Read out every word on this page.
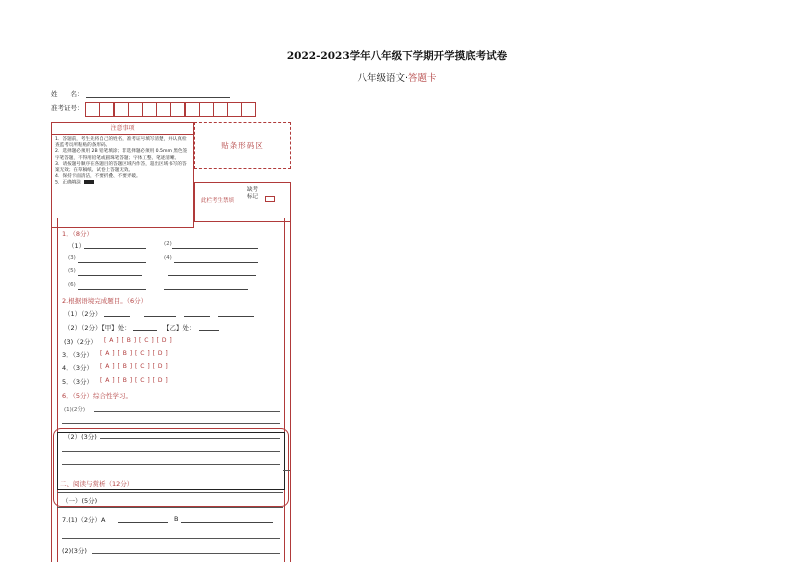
2022-2023学年八年级下学期开学摸底考试卷
八年级语文·答题卡
姓　　名：
准考证号：
注意事项
1．答题前，考生先将自己的姓名，准考证号填写清楚，并认真检查监考员所粘贴的条形码。
2．选择题必须用 2B 铅笔填涂；非选择题必须用 0.5mm 黑色签字笔答题，不得用铅笔或圆珠笔答题；字体工整、笔迹清晰。
3．请按题号顺序在各题目的答题区域内作答，超出区域书写的答案无效；在草稿纸、试卷上答题无效。
4．保持卡面清洁，不要折叠、不要弄破。
5．正确填涂
贴条形码区
此栏考生禁填
缺考
标记
1．（8分）
（1）	(2)
(3)	(4)
(5)
(6)
2.根据语境完成题目。（6分）
（1）（2分）
（2）（2分）【甲】处：	【乙】处：
(3)（2分） [ A ] [ B ] [ C ] [ D ]
3．（3分） [ A ] [ B ] [ C ] [ D ]
4．（3分） [ A ] [ B ] [ C ] [ D ]
5．（3分） [ A ] [ B ] [ C ] [ D ]
6．（5分）综合性学习。
(1)(2分)
（2）(3分)
二、阅读与赏析（12分）
（一）(5分)
7.(1)（2分）A	B
(2)(3分)
